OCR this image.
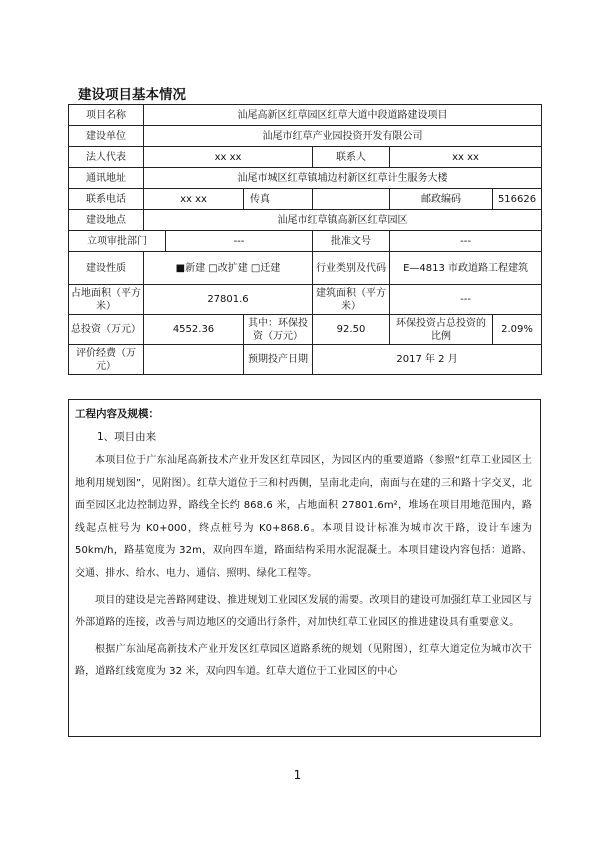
建设项目基本情况
项目名称	汕尾高新区红草园区红草大道中段道路建设项目					
建设单位	汕尾市红草产业园投资开发有限公司					
法人代表	xx xx			联系人	xx xx	
通讯地址	汕尾市城区红草镇埔边村新区红草计生服务大楼					
联系电话	xx xx		传真		邮政编码	516626
建设地点	汕尾市红草镇高新区红草园区					
立项审批部门		---		批准文号	---	
建设性质	■新建 □改扩建 □迁建			行业类别及代码	E—4813 市政道路工程建筑	
占地面积（平方米）	27801.6			建筑面积（平方米）	---	
总投资（万元）	4552.36		其中：环保投资（万元）	92.50	环保投资占总投资的比例	2.09%
评价经费（万元）			预期投产日期	2017 年 2 月		
工程内容及规模：
1、项目由来

本项目位于广东汕尾高新技术产业开发区红草园区，为园区内的重要道路（参照“红草工业园区土地利用规划图”，见附图）。红草大道位于三和村西侧，呈南北走向，南面与在建的三和路十字交叉，北面至园区北边控制边界，路线全长约 868.6 米，占地面积 27801.6m²，堆场在项目用地范围内，路线起点桩号为 K0+000，终点桩号为 K0+868.6。本项目设计标准为城市次干路，设计车速为 50km/h，路基宽度为 32m，双向四车道，路面结构采用水泥混凝土。本项目建设内容包括：道路、交通、排水、给水、电力、通信、照明、绿化工程等。

项目的建设是完善路网建设、推进规划工业园区发展的需要。改项目的建设可加强红草工业园区与外部道路的连接，改善与周边地区的交通出行条件，对加快红草工业园区的推进建设具有重要意义。

根据广东汕尾高新技术产业开发区红草园区道路系统的规划（见附图），红草大道定位为城市次干路，道路红线宽度为 32 米，双向四车道。红草大道位于工业园区的中心

1
